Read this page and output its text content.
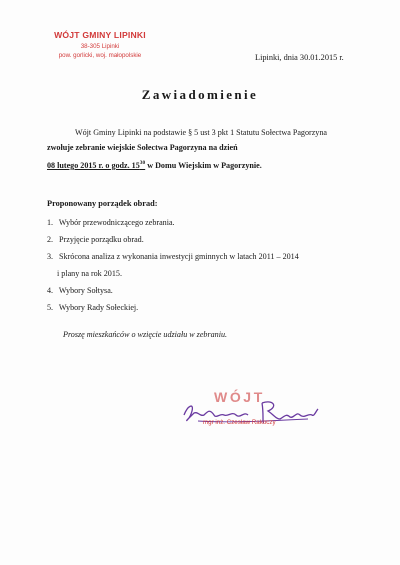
WÓJT GMINY LIPINKI
38-305 Lipinki
pow. gorlicki, woj. małopolskie	Lipinki, dnia 30.01.2015 r.
Zawiadomienie
Wójt Gminy Lipinki na podstawie § 5 ust 3 pkt 1 Statutu Sołectwa Pagorzyna zwołuje zebranie wiejskie Sołectwa Pagorzyna na dzień
08 lutego 2015 r. o godz. $15^{30}$ w Domu Wiejskim w Pagorzynie.
Proponowany porządek obrad:
1. Wybór przewodniczącego zebrania.
2. Przyjęcie porządku obrad.
3. Skrócona analiza z wykonania inwestycji gminnych w latach 2011 – 2014
i plany na rok 2015.
4. Wybory Sołtysa.
5. Wybory Rady Sołeckiej.
Proszę mieszkańców o wzięcie udziału w zebraniu.
WÓJT
mgr inż. Czesław Rakoczy
